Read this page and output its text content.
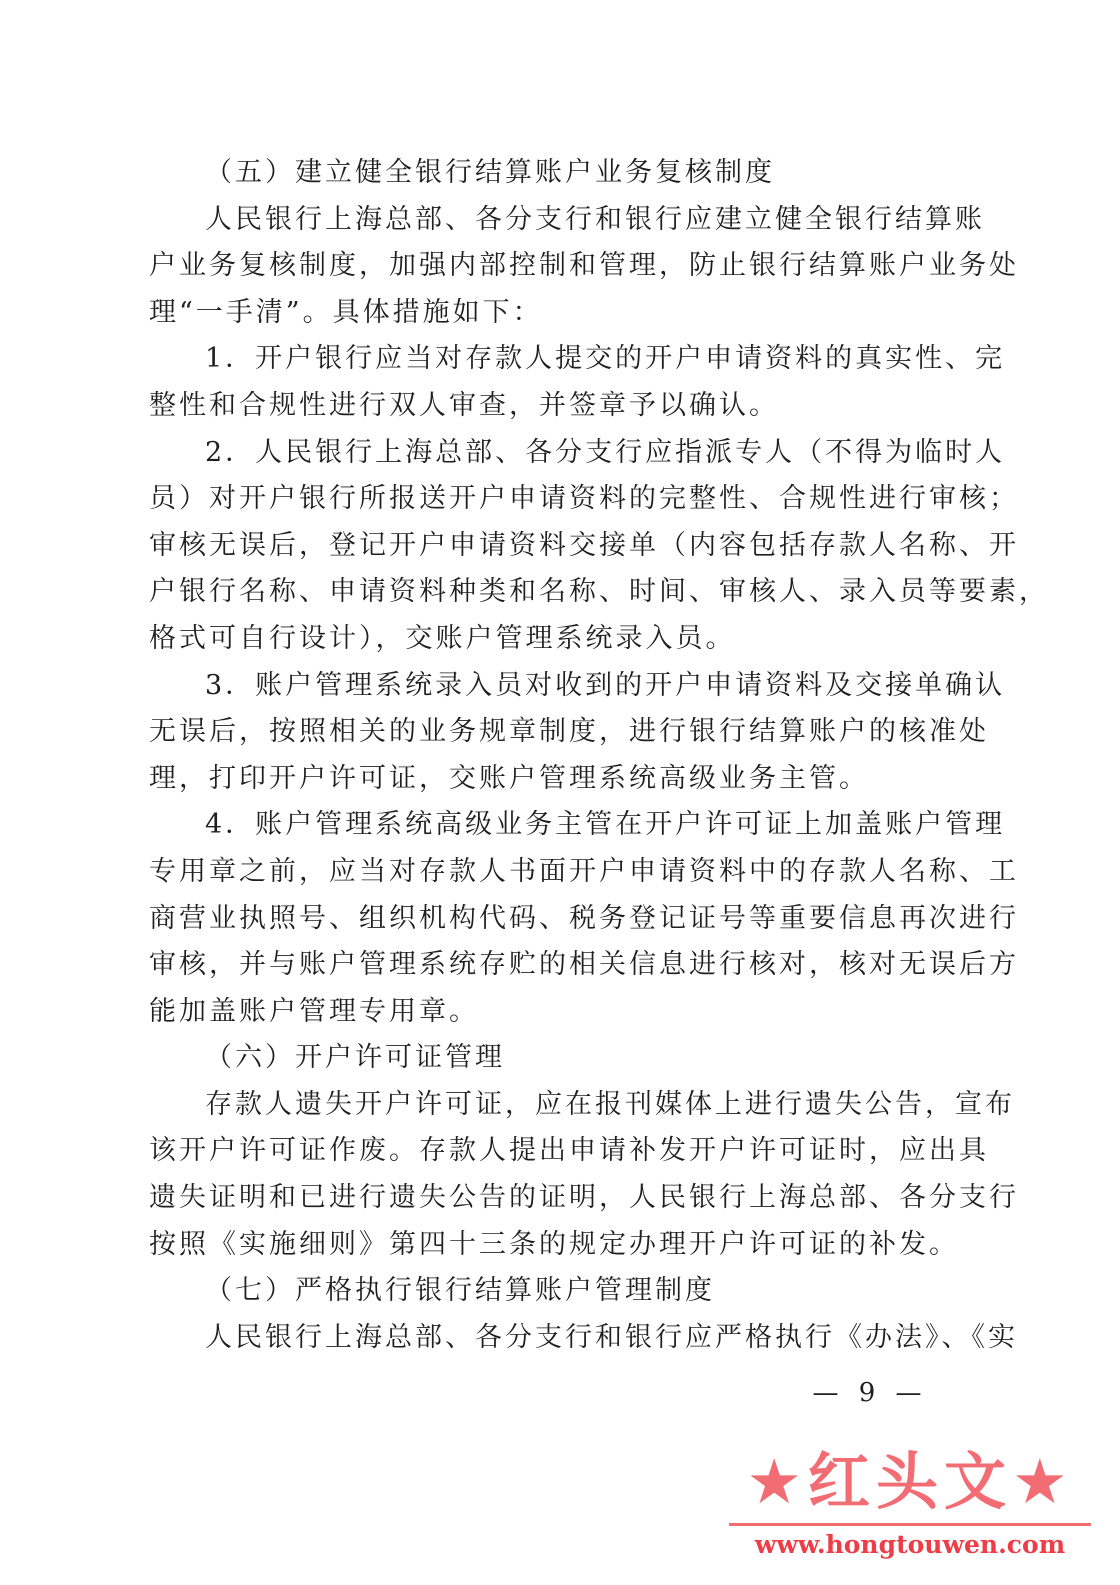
（五）建立健全银行结算账户业务复核制度

人民银行上海总部、各分支行和银行应建立健全银行结算账

户业务复核制度，加强内部控制和管理，防止银行结算账户业务处

理“一手清”。具体措施如下：

1．开户银行应当对存款人提交的开户申请资料的真实性、完

整性和合规性进行双人审查，并签章予以确认。

2．人民银行上海总部、各分支行应指派专人（不得为临时人

员）对开户银行所报送开户申请资料的完整性、合规性进行审核；

审核无误后，登记开户申请资料交接单（内容包括存款人名称、开

户银行名称、申请资料种类和名称、时间、审核人、录入员等要素，

格式可自行设计），交账户管理系统录入员。

3．账户管理系统录入员对收到的开户申请资料及交接单确认

无误后，按照相关的业务规章制度，进行银行结算账户的核准处

理，打印开户许可证，交账户管理系统高级业务主管。

4．账户管理系统高级业务主管在开户许可证上加盖账户管理

专用章之前，应当对存款人书面开户申请资料中的存款人名称、工

商营业执照号、组织机构代码、税务登记证号等重要信息再次进行

审核，并与账户管理系统存贮的相关信息进行核对，核对无误后方

能加盖账户管理专用章。

（六）开户许可证管理

存款人遗失开户许可证，应在报刊媒体上进行遗失公告，宣布

该开户许可证作废。存款人提出申请补发开户许可证时，应出具

遗失证明和已进行遗失公告的证明，人民银行上海总部、各分支行

按照《实施细则》第四十三条的规定办理开户许可证的补发。

（七）严格执行银行结算账户管理制度

人民银行上海总部、各分支行和银行应严格执行《办法》、《实

— 9 —
★红头文★
www.hongtouwen.com
